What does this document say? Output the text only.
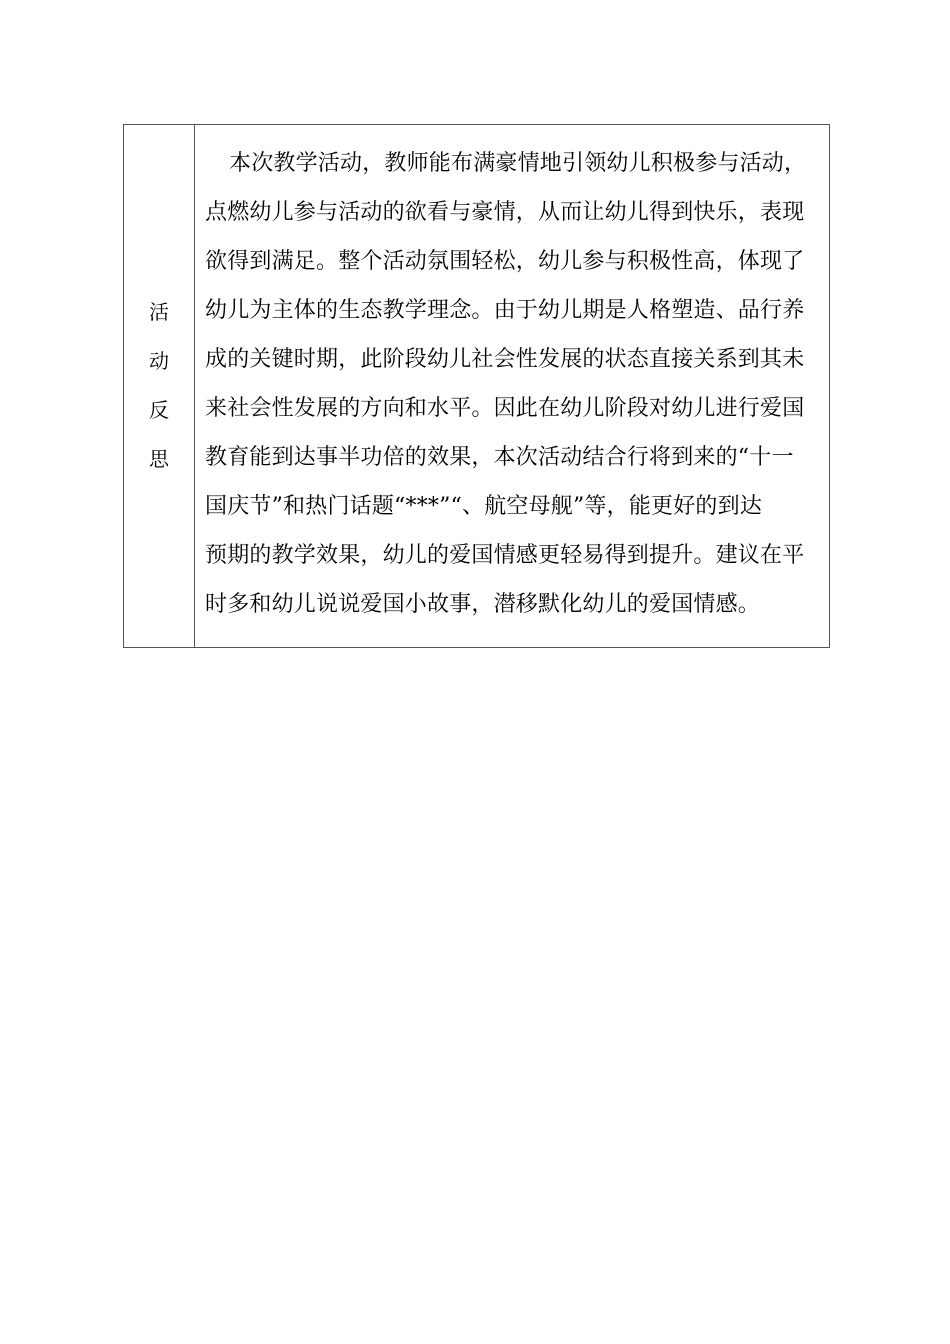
活
动
反
思
本次教学活动，教师能布满豪情地引领幼儿积极参与活动，
点燃幼儿参与活动的欲看与豪情，从而让幼儿得到快乐，表现
欲得到满足。整个活动氛围轻松，幼儿参与积极性高，体现了
幼儿为主体的生态教学理念。由于幼儿期是人格塑造、品行养
成的关键时期，此阶段幼儿社会性发展的状态直接关系到其未
来社会性发展的方向和水平。因此在幼儿阶段对幼儿进行爱国
教育能到达事半功倍的效果，本次活动结合行将到来的“十一
国庆节”和热门话题“***”“、航空母舰”等，能更好的到达
预期的教学效果，幼儿的爱国情感更轻易得到提升。建议在平
时多和幼儿说说爱国小故事，潜移默化幼儿的爱国情感。
